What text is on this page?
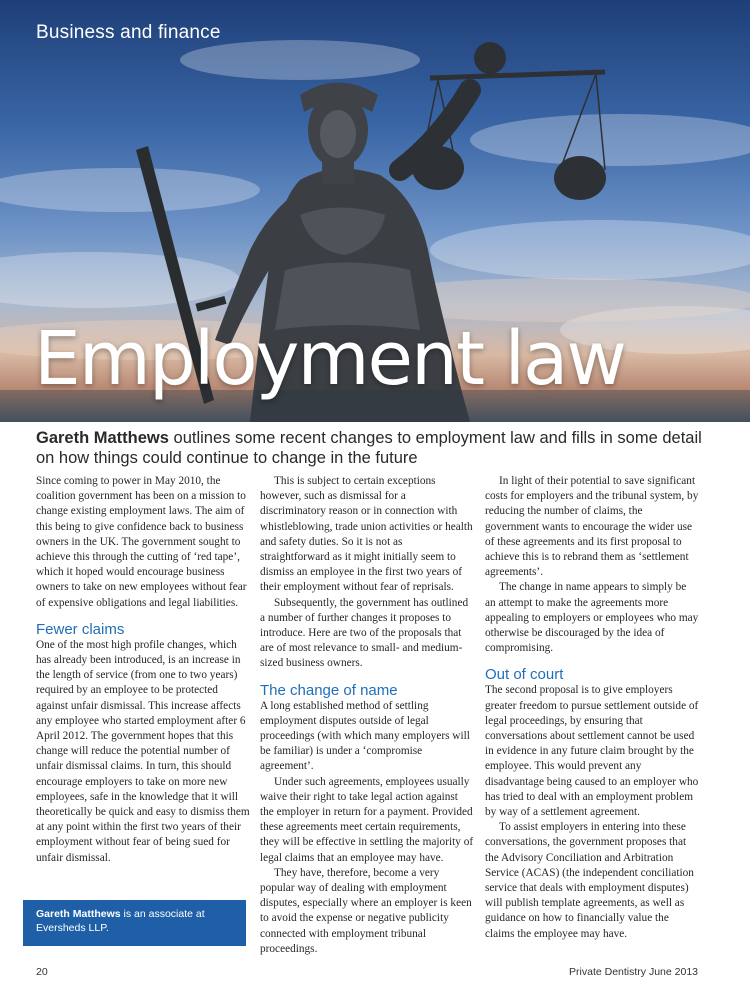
Business and finance
Employment law
Gareth Matthews outlines some recent changes to employment law and fills in some detail on how things could continue to change in the future

Since coming to power in May 2010, the coalition government has been on a mission to change existing employment laws. The aim of this being to give confidence back to business owners in the UK. The government sought to achieve this through the cutting of ‘red tape’, which it hoped would encourage business owners to take on new employees without fear of expensive obligations and legal liabilities.

Fewer claims

One of the most high profile changes, which has already been introduced, is an increase in the length of service (from one to two years) required by an employee to be protected against unfair dismissal. This increase affects any employee who started employment after 6 April 2012. The government hopes that this change will reduce the potential number of unfair dismissal claims. In turn, this should encourage employers to take on more new employees, safe in the knowledge that it will theoretically be quick and easy to dismiss them at any point within the first two years of their employment without fear of being sued for unfair dismissal.

This is subject to certain exceptions however, such as dismissal for a discriminatory reason or in connection with whistleblowing, trade union activities or health and safety duties. So it is not as straightforward as it might initially seem to dismiss an employee in the first two years of their employment without fear of reprisals.

Subsequently, the government has outlined a number of further changes it proposes to introduce. Here are two of the proposals that are of most relevance to small- and medium-sized business owners.

The change of name

A long established method of settling employment disputes outside of legal proceedings (with which many employers will be familiar) is under a ‘compromise agreement’.

Under such agreements, employees usually waive their right to take legal action against the employer in return for a payment. Provided these agreements meet certain requirements, they will be effective in settling the majority of legal claims that an employee may have.

They have, therefore, become a very popular way of dealing with employment disputes, especially where an employer is keen to avoid the expense or negative publicity connected with employment tribunal proceedings.

In light of their potential to save significant costs for employers and the tribunal system, by reducing the number of claims, the government wants to encourage the wider use of these agreements and its first proposal to achieve this is to rebrand them as ‘settlement agreements’.

The change in name appears to simply be an attempt to make the agreements more appealing to employers or employees who may otherwise be discouraged by the idea of compromising.

Out of court

The second proposal is to give employers greater freedom to pursue settlement outside of legal proceedings, by ensuring that conversations about settlement cannot be used in evidence in any future claim brought by the employee. This would prevent any disadvantage being caused to an employer who has tried to deal with an employment problem by way of a settlement agreement.

To assist employers in entering into these conversations, the government proposes that the Advisory Conciliation and Arbitration Service (ACAS) (the independent conciliation service that deals with employment disputes) will publish template agreements, as well as guidance on how to financially value the claims the employee may have.

Gareth Matthews is an associate at Eversheds LLP.
20	Private Dentistry June 2013
